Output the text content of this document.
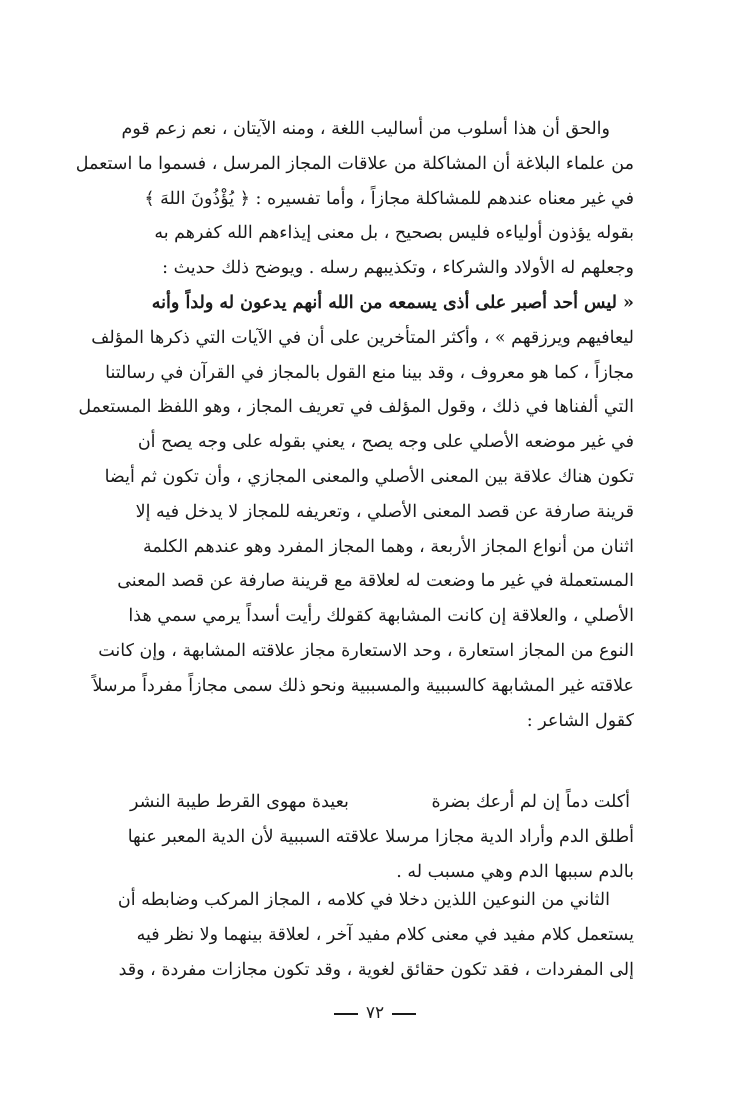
والحق أن هذا أسلوب من أساليب اللغة ، ومنه الآيتان ، نعم زعم قوم
من علماء البلاغة أن المشاكلة من علاقات المجاز المرسل ، فسموا ما استعمل
في غير معناه عندهم للمشاكلة مجازاً ، وأما تفسيره : ﴿ يُؤْذُونَ اللهَ ﴾
بقوله يؤذون أولياءه فليس بصحيح ، بل معنى إيذاءهم الله كفرهم به
وجعلهم له الأولاد والشركاء ، وتكذيبهم رسله . ويوضح ذلك حديث :
« ليس أحد أصبر على أذى يسمعه من الله أنهم يدعون له ولداً وأنه
ليعافيهم ويرزقهم » ، وأكثر المتأخرين على أن في الآيات التي ذكرها المؤلف
مجازاً ، كما هو معروف ، وقد بينا منع القول بالمجاز في القرآن في رسالتنا
التي ألفناها في ذلك ، وقول المؤلف في تعريف المجاز ، وهو اللفظ المستعمل
في غير موضعه الأصلي على وجه يصح ، يعني بقوله على وجه يصح أن
تكون هناك علاقة بين المعنى الأصلي والمعنى المجازي ، وأن تكون ثم أيضا
قرينة صارفة عن قصد المعنى الأصلي ، وتعريفه للمجاز لا يدخل فيه إلا
اثنان من أنواع المجاز الأربعة ، وهما المجاز المفرد وهو عندهم الكلمة
المستعملة في غير ما وضعت له لعلاقة مع قرينة صارفة عن قصد المعنى
الأصلي ، والعلاقة إن كانت المشابهة كقولك رأيت أسداً يرمي سمي هذا
النوع من المجاز استعارة ، وحد الاستعارة مجاز علاقته المشابهة ، وإن كانت
علاقته غير المشابهة كالسببية والمسببية ونحو ذلك سمى مجازاً مفرداً مرسلاً
كقول الشاعر :
أكلت دماً إن لم أرعك بضرة
بعيدة مهوى القرط طيبة النشر
أطلق الدم وأراد الدية مجازا مرسلا علاقته السببية لأن الدية المعبر عنها
بالدم سببها الدم وهي مسبب له .
الثاني من النوعين اللذين دخلا في كلامه ، المجاز المركب وضابطه أن
يستعمل كلام مفيد في معنى كلام مفيد آخر ، لعلاقة بينهما ولا نظر فيه
إلى المفردات ، فقد تكون حقائق لغوية ، وقد تكون مجازات مفردة ، وقد
٧٢
